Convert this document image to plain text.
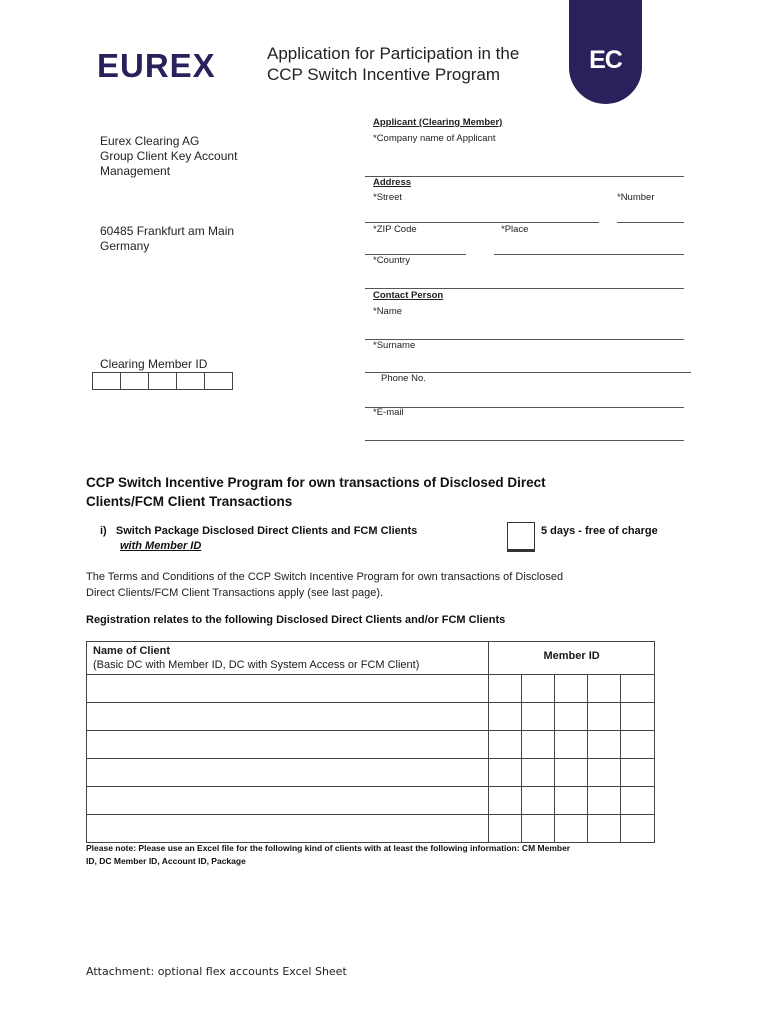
EUREX	Application for Participation in the
CCP Switch Incentive Program
EC
Eurex Clearing AG
Group Client Key Account
Management
60485 Frankfurt am Main
Germany
Clearing Member ID
Applicant (Clearing Member)
*Company name of Applicant
Address
*Street	*Number
*ZIP Code	*Place
*Country
Contact Person
*Name
*Surname
Phone No.
*E-mail
CCP Switch Incentive Program for own transactions of Disclosed Direct
Clients/FCM Client Transactions
i)   Switch Package Disclosed Direct Clients and FCM Clients
with Member ID
5 days - free of charge
The Terms and Conditions of the CCP Switch Incentive Program for own transactions of Disclosed
Direct Clients/FCM Client Transactions apply (see last page).
Registration relates to the following Disclosed Direct Clients and/or FCM Clients
Name of Client
(Basic DC with Member ID, DC with System Access or FCM Client)	Member ID				

Please note: Please use an Excel file for the following kind of clients with at least the following information: CM Member
ID, DC Member ID, Account ID, Package
Attachment: optional flex accounts Excel Sheet
